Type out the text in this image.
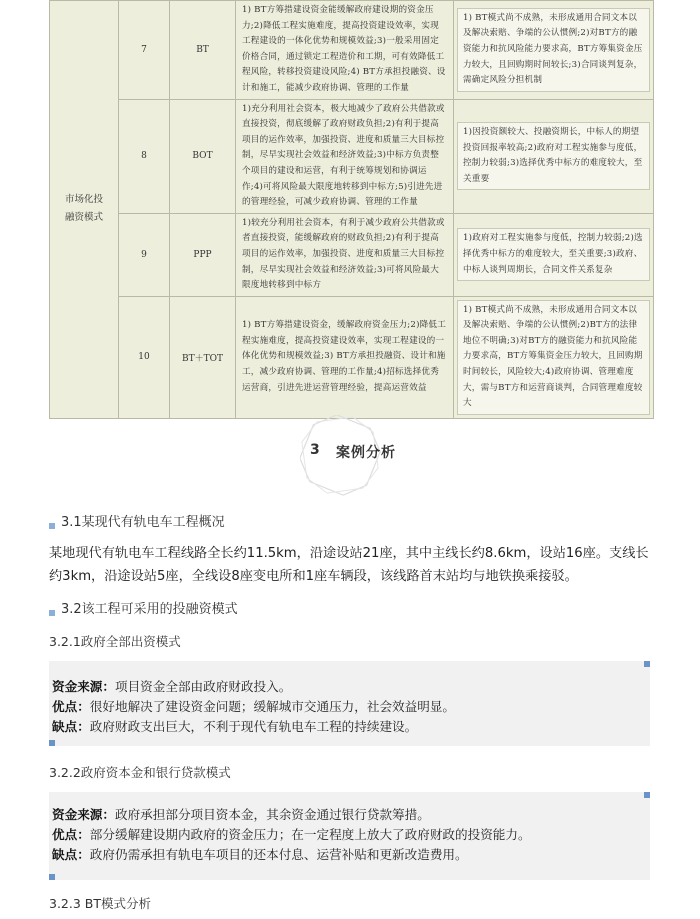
市场化投融资模式	7	BT	1) BT方筹措建设资金能缓解政府建设期的资金压力;2)降低工程实施难度，提高投资建设效率，实现工程建设的一体化优势和规模效益;3)一般采用固定价格合同，通过锁定工程造价和工期，可有效降低工程风险，转移投资建设风险;4) BT方承担投融资、设计和施工，能减少政府协调、管理的工作量	1) BT模式尚不成熟，未形成通用合同文本以及解决索赔、争端的公认惯例;2)对BT方的融资能力和抗风险能力要求高，BT方筹集资金压力较大，且回购期时间较长;3)合同谈判复杂，需确定风险分担机制

	8	BOT	1)充分利用社会资本，极大地减少了政府公共借款或直接投资，彻底缓解了政府财政负担;2)有利于提高项目的运作效率，加强投资、进度和质量三大目标控制，尽早实现社会效益和经济效益;3)中标方负责整个项目的建设和运营，有利于统筹规划和协调运作;4)可将风险最大限度地转移到中标方;5)引进先进的管理经验，可减少政府协调、管理的工作量	1)因投资额较大、投融资期长，中标人的期望投资回报率较高;2)政府对工程实施参与度低，控制力较弱;3)选择优秀中标方的难度较大，至关重要

	9	PPP	1)较充分利用社会资本，有利于减少政府公共借款或者直接投资，能缓解政府的财政负担;2)有利于提高项目的运作效率，加强投资、进度和质量三大目标控制，尽早实现社会效益和经济效益;3)可将风险最大限度地转移到中标方	1)政府对工程实施参与度低，控制力较弱;2)选择优秀中标方的难度较大，至关重要;3)政府、中标人谈判周期长，合同文件关系复杂

	10	BT＋TOT	1) BT方筹措建设资金，缓解政府资金压力;2)降低工程实施难度，提高投资建设效率，实现工程建设的一体化优势和规模效益;3) BT方承担投融资、设计和施工，减少政府协调、管理的工作量;4)招标选择优秀运营商，引进先进运营管理经验，提高运营效益	1) BT模式尚不成熟，未形成通用合同文本以及解决索赔、争端的公认惯例;2)BT方的法律地位不明确;3)对BT方的融资能力和抗风险能力要求高，BT方筹集资金压力较大，且回购期时间较长，风险较大;4)政府协调、管理难度大，需与BT方和运营商谈判，合同管理难度较大
3 案例分析
3.1某现代有轨电车工程概况
某地现代有轨电车工程线路全长约11.5km，沿途设站21座，其中主线长约8.6km，设站16座。支线长约3km，沿途设站5座，全线设8座变电所和1座车辆段，该线路首末站均与地铁换乘接驳。
3.2该工程可采用的投融资模式
3.2.1政府全部出资模式
资金来源：项目资金全部由政府财政投入。
优点：很好地解决了建设资金问题；缓解城市交通压力，社会效益明显。
缺点：政府财政支出巨大，不利于现代有轨电车工程的持续建设。
3.2.2政府资本金和银行贷款模式
资金来源：政府承担部分项目资本金，其余资金通过银行贷款筹措。
优点：部分缓解建设期内政府的资金压力；在一定程度上放大了政府财政的投资能力。
缺点：政府仍需承担有轨电车项目的还本付息、运营补贴和更新改造费用。
3.2.3 BT模式分析
